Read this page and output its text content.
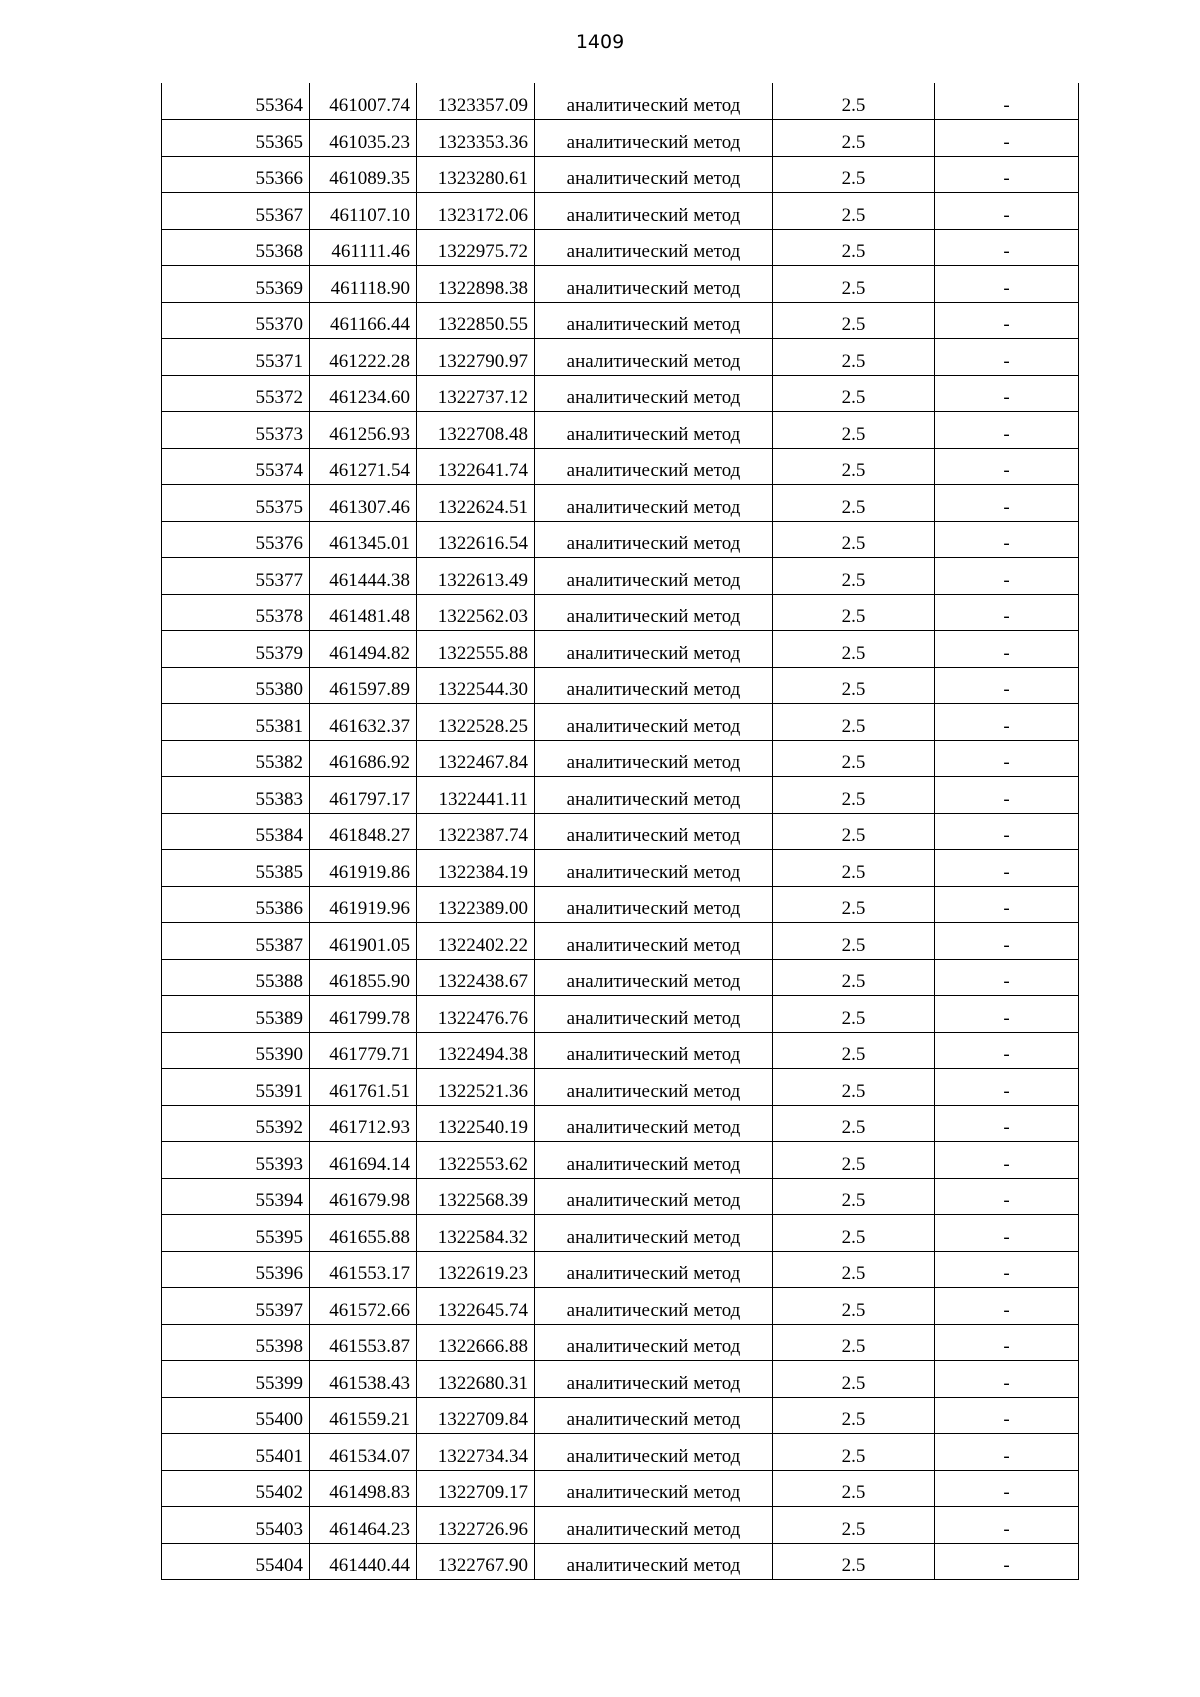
1409
55364	461007.74	1323357.09	аналитический метод	2.5	-
55365	461035.23	1323353.36	аналитический метод	2.5	-
55366	461089.35	1323280.61	аналитический метод	2.5	-
55367	461107.10	1323172.06	аналитический метод	2.5	-
55368	461111.46	1322975.72	аналитический метод	2.5	-
55369	461118.90	1322898.38	аналитический метод	2.5	-
55370	461166.44	1322850.55	аналитический метод	2.5	-
55371	461222.28	1322790.97	аналитический метод	2.5	-
55372	461234.60	1322737.12	аналитический метод	2.5	-
55373	461256.93	1322708.48	аналитический метод	2.5	-
55374	461271.54	1322641.74	аналитический метод	2.5	-
55375	461307.46	1322624.51	аналитический метод	2.5	-
55376	461345.01	1322616.54	аналитический метод	2.5	-
55377	461444.38	1322613.49	аналитический метод	2.5	-
55378	461481.48	1322562.03	аналитический метод	2.5	-
55379	461494.82	1322555.88	аналитический метод	2.5	-
55380	461597.89	1322544.30	аналитический метод	2.5	-
55381	461632.37	1322528.25	аналитический метод	2.5	-
55382	461686.92	1322467.84	аналитический метод	2.5	-
55383	461797.17	1322441.11	аналитический метод	2.5	-
55384	461848.27	1322387.74	аналитический метод	2.5	-
55385	461919.86	1322384.19	аналитический метод	2.5	-
55386	461919.96	1322389.00	аналитический метод	2.5	-
55387	461901.05	1322402.22	аналитический метод	2.5	-
55388	461855.90	1322438.67	аналитический метод	2.5	-
55389	461799.78	1322476.76	аналитический метод	2.5	-
55390	461779.71	1322494.38	аналитический метод	2.5	-
55391	461761.51	1322521.36	аналитический метод	2.5	-
55392	461712.93	1322540.19	аналитический метод	2.5	-
55393	461694.14	1322553.62	аналитический метод	2.5	-
55394	461679.98	1322568.39	аналитический метод	2.5	-
55395	461655.88	1322584.32	аналитический метод	2.5	-
55396	461553.17	1322619.23	аналитический метод	2.5	-
55397	461572.66	1322645.74	аналитический метод	2.5	-
55398	461553.87	1322666.88	аналитический метод	2.5	-
55399	461538.43	1322680.31	аналитический метод	2.5	-
55400	461559.21	1322709.84	аналитический метод	2.5	-
55401	461534.07	1322734.34	аналитический метод	2.5	-
55402	461498.83	1322709.17	аналитический метод	2.5	-
55403	461464.23	1322726.96	аналитический метод	2.5	-
55404	461440.44	1322767.90	аналитический метод	2.5	-
